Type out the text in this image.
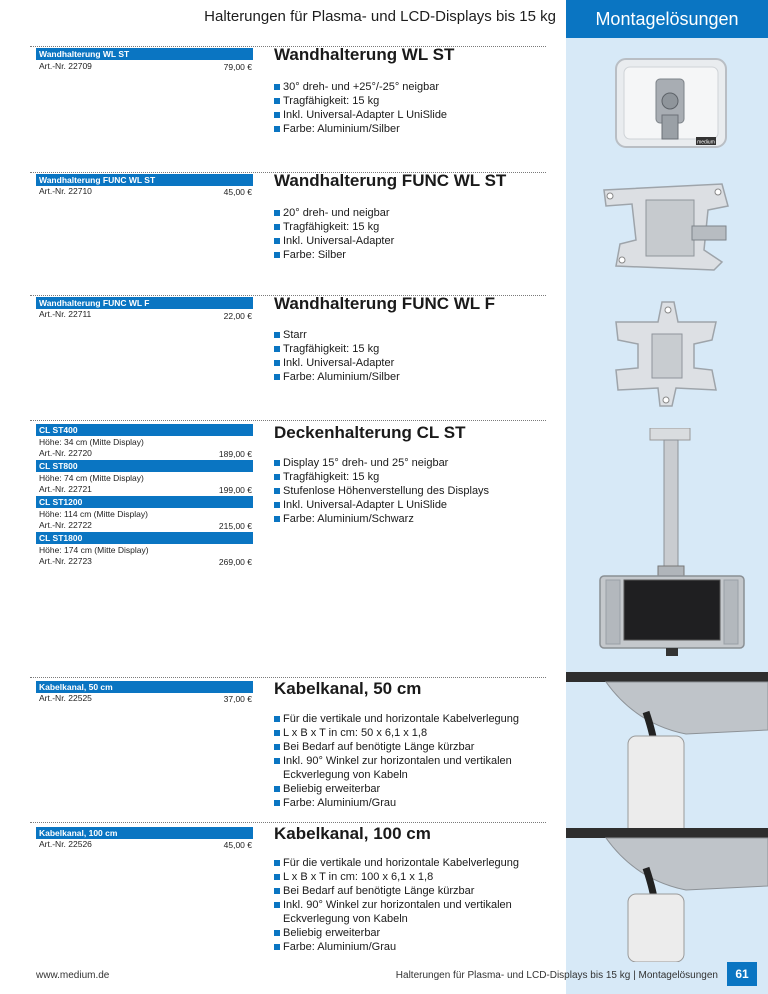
Montagelösungen
Halterungen für Plasma- und LCD-Displays bis 15 kg
Wandhalterung WL ST
Art.-Nr. 22709	79,00 €
Wandhalterung WL ST
30° dreh- und +25°/-25° neigbar
Tragfähigkeit: 15 kg
Inkl. Universal-Adapter L UniSlide
Farbe: Aluminium/Silber
medium
Wandhalterung FUNC WL ST
Art.-Nr. 22710	45,00 €
Wandhalterung FUNC WL ST
20° dreh- und neigbar
Tragfähigkeit: 15 kg
Inkl. Universal-Adapter
Farbe: Silber
Wandhalterung FUNC WL F
Art.-Nr. 22711	22,00 €
Wandhalterung FUNC WL F
Starr
Tragfähigkeit: 15 kg
Inkl. Universal-Adapter
Farbe: Aluminium/Silber
Deckenhalterung CL ST
CL ST400
Höhe: 34 cm (Mitte Display)
Art.-Nr. 22720	189,00 €
CL ST800
Höhe: 74 cm (Mitte Display)
Art.-Nr. 22721	199,00 €
CL ST1200
Höhe: 114 cm (Mitte Display)
Art.-Nr. 22722	215,00 €
CL ST1800
Höhe: 174 cm (Mitte Display)
Art.-Nr. 22723	269,00 €
Display 15° dreh- und 25° neigbar
Tragfähigkeit: 15 kg
Stufenlose Höhenverstellung des Displays
Inkl. Universal-Adapter L UniSlide
Farbe: Aluminium/Schwarz
Kabelkanal, 50 cm
Art.-Nr. 22525	37,00 €
Kabelkanal, 50 cm
Für die vertikale und horizontale Kabelverlegung
L x B x T in cm: 50 x 6,1 x 1,8
Bei Bedarf auf benötigte Länge kürzbar
Inkl. 90° Winkel zur horizontalen und vertikalen
Eckverlegung von Kabeln
Beliebig erweiterbar
Farbe: Aluminium/Grau
Kabelkanal, 100 cm
Art.-Nr. 22526	45,00 €
Kabelkanal, 100 cm
Für die vertikale und horizontale Kabelverlegung
L x B x T in cm: 100 x 6,1 x 1,8
Bei Bedarf auf benötigte Länge kürzbar
Inkl. 90° Winkel zur horizontalen und vertikalen
Eckverlegung von Kabeln
Beliebig erweiterbar
Farbe: Aluminium/Grau
www.medium.de	Halterungen für Plasma- und LCD-Displays bis 15 kg | Montagelösungen	61
